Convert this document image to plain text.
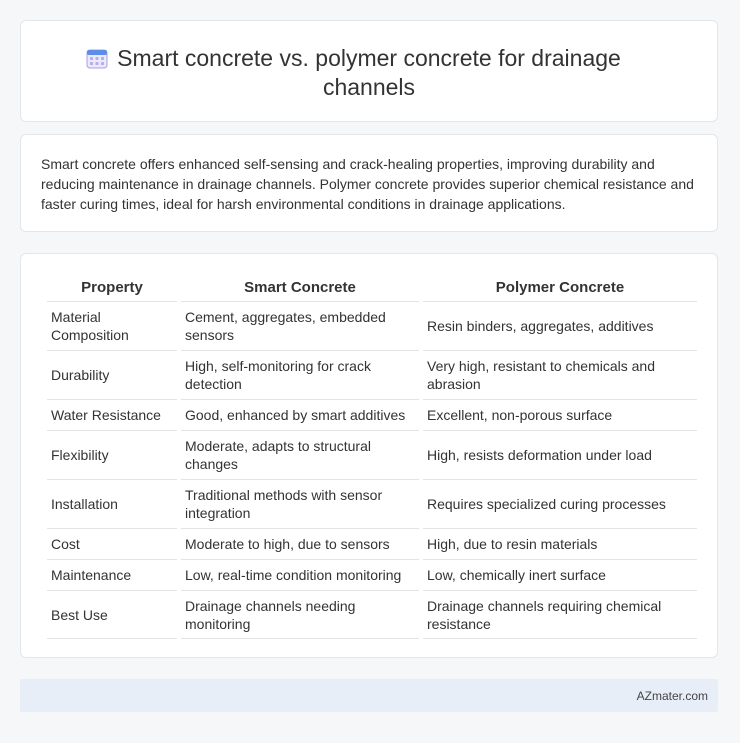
Smart concrete vs. polymer concrete for drainage channels

Smart concrete offers enhanced self-sensing and crack-healing properties, improving durability and reducing maintenance in drainage channels. Polymer concrete provides superior chemical resistance and faster curing times, ideal for harsh environmental conditions in drainage applications.

Property	Smart Concrete	Polymer Concrete
Material Composition	Cement, aggregates, embedded sensors	Resin binders, aggregates, additives
Durability	High, self-monitoring for crack detection	Very high, resistant to chemicals and abrasion
Water Resistance	Good, enhanced by smart additives	Excellent, non-porous surface
Flexibility	Moderate, adapts to structural changes	High, resists deformation under load
Installation	Traditional methods with sensor integration	Requires specialized curing processes
Cost	Moderate to high, due to sensors	High, due to resin materials
Maintenance	Low, real-time condition monitoring	Low, chemically inert surface
Best Use	Drainage channels needing monitoring	Drainage channels requiring chemical resistance
AZmater.com
